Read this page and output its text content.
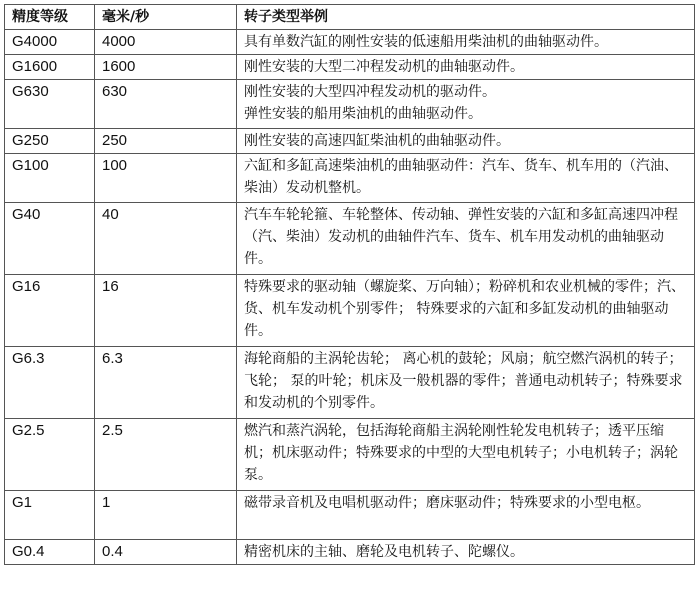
精度等级	毫米/秒	转子类型举例
G4000	4000	具有单数汽缸的刚性安装的低速船用柴油机的曲轴驱动件。

G1600	1600	刚性安装的大型二冲程发动机的曲轴驱动件。

G630	630	刚性安装的大型四冲程发动机的驱动件。
弹性安装的船用柴油机的曲轴驱动件。

G250	250	刚性安装的高速四缸柴油机的曲轴驱动件。

G100	100	六缸和多缸高速柴油机的曲轴驱动件：汽车、货车、机车用的（汽油、柴油）发动机整机。

G40	40	汽车车轮轮箍、车轮整体、传动轴、弹性安装的六缸和多缸高速四冲程（汽、柴油）发动机的曲轴件汽车、货车、机车用发动机的曲轴驱动件。

G16	16	特殊要求的驱动轴（螺旋桨、万向轴）；粉碎机和农业机械的零件；汽、货、机车发动机个别零件； 特殊要求的六缸和多缸发动机的曲轴驱动件。

G6.3	6.3	海轮商船的主涡轮齿轮； 离心机的鼓轮；风扇；航空燃汽涡机的转子； 飞轮； 泵的叶轮；机床及一般机器的零件；普通电动机转子；特殊要求和发动机的个别零件。

G2.5	2.5	燃汽和蒸汽涡轮，包括海轮商船主涡轮刚性轮发电机转子；透平压缩机；机床驱动件；特殊要求的中型的大型电机转子；小电机转子；涡轮泵。

G1	1	磁带录音机及电唱机驱动件；磨床驱动件；特殊要求的小型电枢。

G0.4	0.4	精密机床的主轴、磨轮及电机转子、陀螺仪。
